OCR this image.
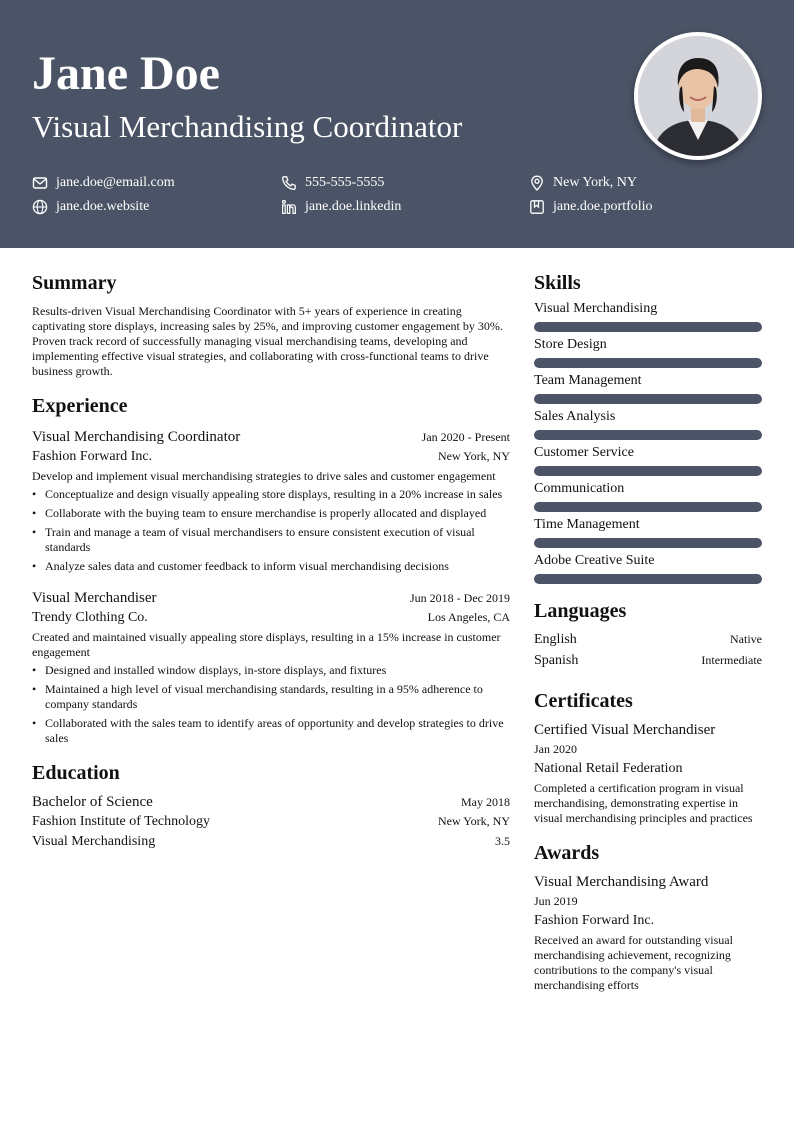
Jane Doe
Visual Merchandising Coordinator
jane.doe@email.com	555-555-5555	New York, NY
jane.doe.website	jane.doe.linkedin	jane.doe.portfolio
Summary

Results-driven Visual Merchandising Coordinator with 5+ years of experience in creating captivating store displays, increasing sales by 25%, and improving customer engagement by 30%. Proven track record of successfully managing visual merchandising teams, developing and implementing effective visual strategies, and collaborating with cross-functional teams to drive business growth.

Experience
Visual Merchandising Coordinator	Jan 2020 - Present
Fashion Forward Inc.	New York, NY

Develop and implement visual merchandising strategies to drive sales and customer engagement

• Conceptualize and design visually appealing store displays, resulting in a 20% increase in sales
• Collaborate with the buying team to ensure merchandise is properly allocated and displayed
• Train and manage a team of visual merchandisers to ensure consistent execution of visual standards
• Analyze sales data and customer feedback to inform visual merchandising decisions
Visual Merchandiser	Jun 2018 - Dec 2019
Trendy Clothing Co.	Los Angeles, CA

Created and maintained visually appealing store displays, resulting in a 15% increase in customer engagement

• Designed and installed window displays, in-store displays, and fixtures
• Maintained a high level of visual merchandising standards, resulting in a 95% adherence to company standards
• Collaborated with the sales team to identify areas of opportunity and develop strategies to drive sales
Education
Bachelor of Science	May 2018
Fashion Institute of Technology	New York, NY
Visual Merchandising	3.5
Skills
Visual Merchandising
Store Design
Team Management
Sales Analysis
Customer Service
Communication
Time Management
Adobe Creative Suite
Languages
English	Native
Spanish	Intermediate
Certificates
Certified Visual Merchandiser
Jan 2020
National Retail Federation
Completed a certification program in visual merchandising, demonstrating expertise in visual merchandising principles and practices
Awards
Visual Merchandising Award
Jun 2019
Fashion Forward Inc.
Received an award for outstanding visual merchandising achievement, recognizing contributions to the company's visual merchandising efforts
